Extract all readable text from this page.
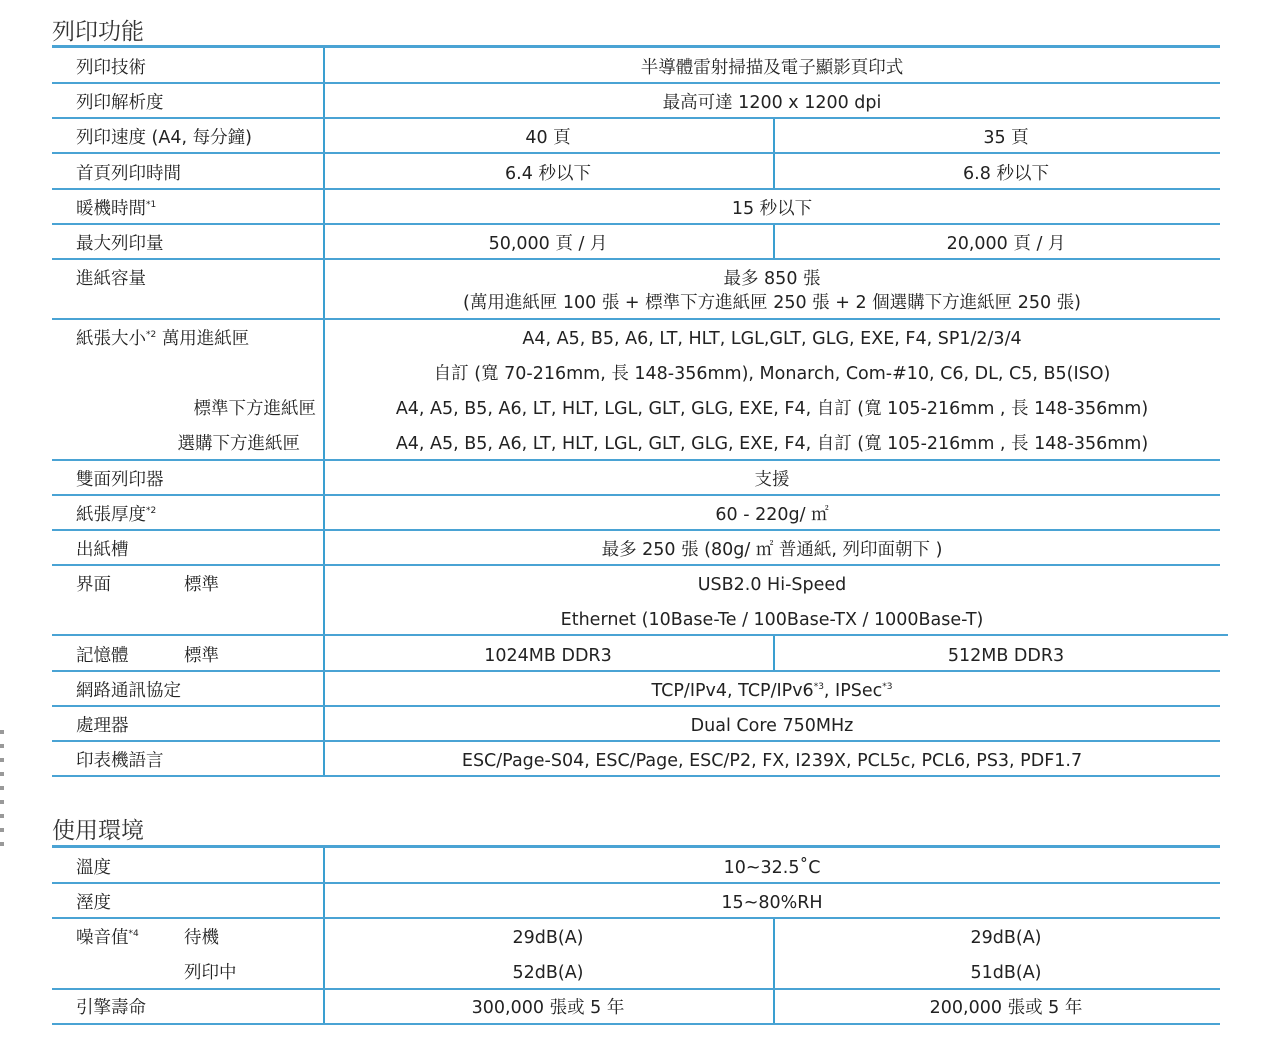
列印功能
列印技術	半導體雷射掃描及電子顯影頁印式
列印解析度	最高可達 1200 x 1200 dpi
列印速度 (A4, 每分鐘)	40 頁	35 頁
首頁列印時間	6.4 秒以下	6.8 秒以下
暖機時間$^{*1}$	15 秒以下
最大列印量	50,000 頁 / 月	20,000 頁 / 月
進紙容量	最多 850 張
(萬用進紙匣 100 張 + 標準下方進紙匣 250 張 + 2 個選購下方進紙匣 250 張)
紙張大小$^{*2}$ 萬用進紙匣	A4, A5, B5, A6, LT, HLT, LGL,GLT, GLG, EXE, F4, SP1/2/3/4
自訂 (寬 70-216mm, 長 148-356mm), Monarch, Com-#10, C6, DL, C5, B5(ISO)
標準下方進紙匣	A4, A5, B5, A6, LT, HLT, LGL, GLT, GLG, EXE, F4, 自訂 (寬 105-216mm , 長 148-356mm)
選購下方進紙匣	A4, A5, B5, A6, LT, HLT, LGL, GLT, GLG, EXE, F4, 自訂 (寬 105-216mm , 長 148-356mm)
雙面列印器	支援
紙張厚度$^{*2}$	60 - 220g/ ㎡
出紙槽	最多 250 張 (80g/ ㎡ 普通紙, 列印面朝下 )
界面	標準	USB2.0 Hi-Speed
Ethernet (10Base-Te / 100Base-TX / 1000Base-T)
記憶體	標準	1024MB DDR3	512MB DDR3
網路通訊協定	TCP/IPv4, TCP/IPv6$^{*3}$, IPSec$^{*3}$
處理器	Dual Core 750MHz
印表機語言	ESC/Page-S04, ESC/Page, ESC/P2, FX, I239X, PCL5c, PCL6, PS3, PDF1.7
使用環境
溫度	10~32.5˚C
溼度	15~80%RH
噪音值$^{*4}$	待機	29dB(A)	29dB(A)
列印中	52dB(A)	51dB(A)
引擎壽命	300,000 張或 5 年	200,000 張或 5 年
